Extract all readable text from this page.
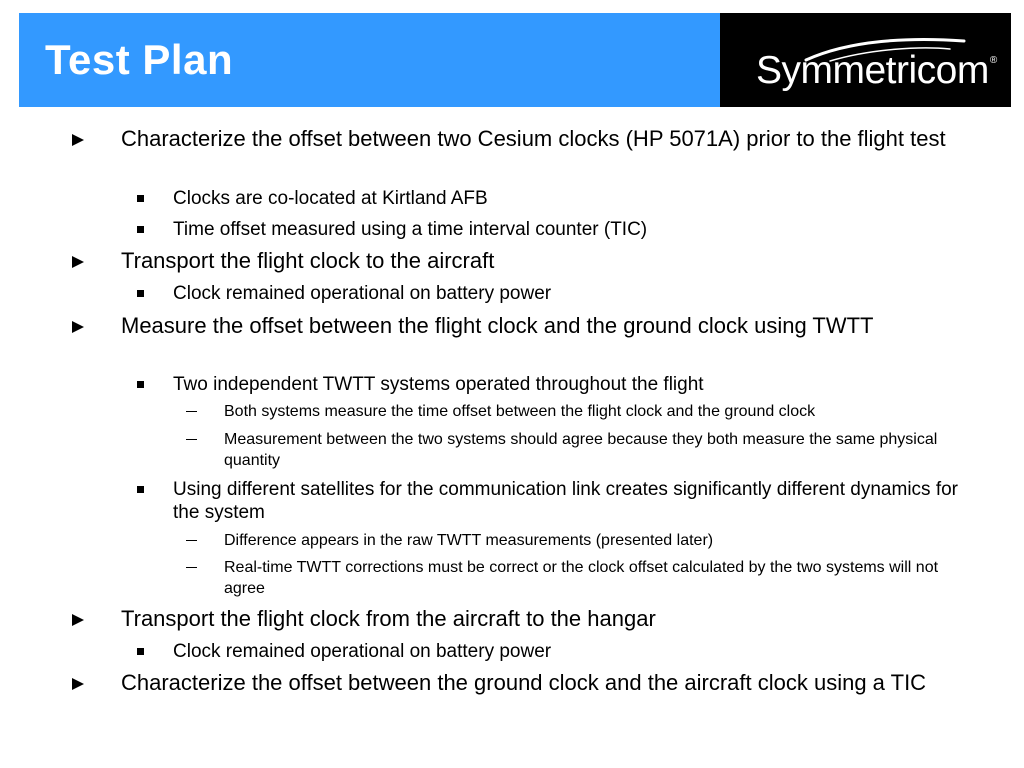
Test Plan	Symmetricom®
Characterize the offset between two Cesium clocks (HP 5071A) prior to the flight test
Clocks are co-located at Kirtland AFB
Time offset measured using a time interval counter (TIC)
Transport the flight clock to the aircraft
Clock remained operational on battery power
Measure the offset between the flight clock and the ground clock using TWTT
Two independent TWTT systems operated throughout the flight
Both systems measure the time offset between the flight clock and the ground clock
Measurement between the two systems should agree because they both measure the same physical quantity
Using different satellites for the communication link creates significantly different dynamics for the system
Difference appears in the raw TWTT measurements (presented later)
Real-time TWTT corrections must be correct or the clock offset calculated by the two systems will not agree
Transport the flight clock from the aircraft to the hangar
Clock remained operational on battery power
Characterize the offset between the ground clock and the aircraft clock using a TIC
